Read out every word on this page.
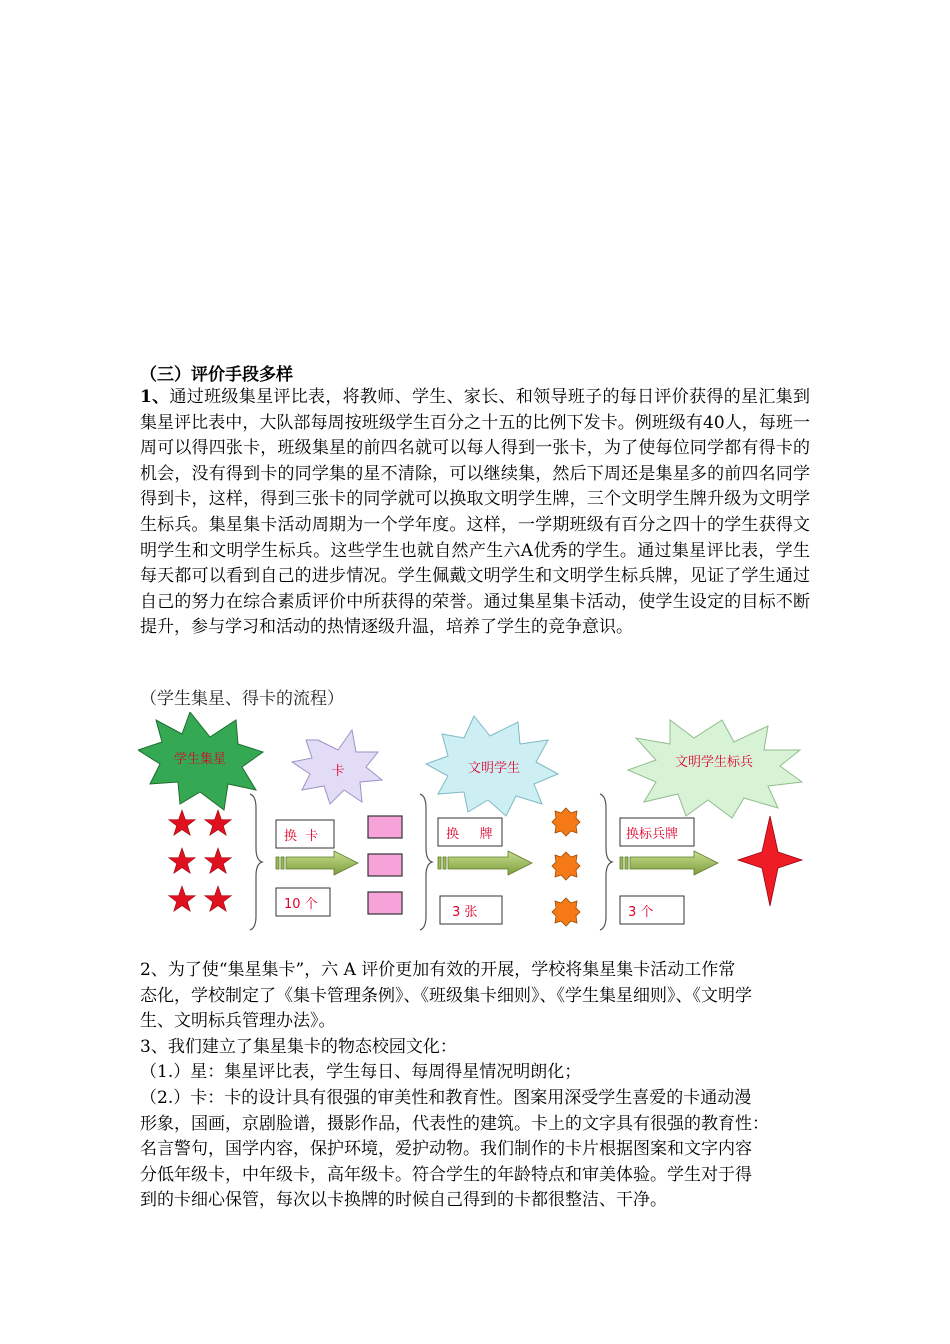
（三）评价手段多样
1、通过班级集星评比表，将教师、学生、家长、和领导班子的每日评价获得的星汇集到集星评比表中，大队部每周按班级学生百分之十五的比例下发卡。例班级有40人，每班一周可以得四张卡，班级集星的前四名就可以每人得到一张卡，为了使每位同学都有得卡的机会，没有得到卡的同学集的星不清除，可以继续集，然后下周还是集星多的前四名同学得到卡，这样，得到三张卡的同学就可以换取文明学生牌，三个文明学生牌升级为文明学生标兵。集星集卡活动周期为一个学年度。这样，一学期班级有百分之四十的学生获得文明学生和文明学生标兵。这些学生也就自然产生六A优秀的学生。通过集星评比表，学生每天都可以看到自己的进步情况。学生佩戴文明学生和文明学生标兵牌，见证了学生通过自己的努力在综合素质评价中所获得的荣誉。通过集星集卡活动，使学生设定的目标不断提升，参与学习和活动的热情逐级升温，培养了学生的竞争意识。
（学生集星、得卡的流程）
学生集星
卡	文明学生	文明学生标兵
换  卡
10 个
换     牌
3 张
换标兵牌
3 个
2、为了使“集星集卡”，六 A 评价更加有效的开展，学校将集星集卡活动工作常
态化，学校制定了《集卡管理条例》、《班级集卡细则》、《学生集星细则》、《文明学
生、文明标兵管理办法》。
3、我们建立了集星集卡的物态校园文化：
（1.）星：集星评比表，学生每日、每周得星情况明朗化；
（2.）卡：卡的设计具有很强的审美性和教育性。图案用深受学生喜爱的卡通动漫
形象，国画，京剧脸谱，摄影作品，代表性的建筑。卡上的文字具有很强的教育性：
名言警句，国学内容，保护环境，爱护动物。我们制作的卡片根据图案和文字内容
分低年级卡，中年级卡，高年级卡。符合学生的年龄特点和审美体验。学生对于得
到的卡细心保管，每次以卡换牌的时候自己得到的卡都很整洁、干净。
